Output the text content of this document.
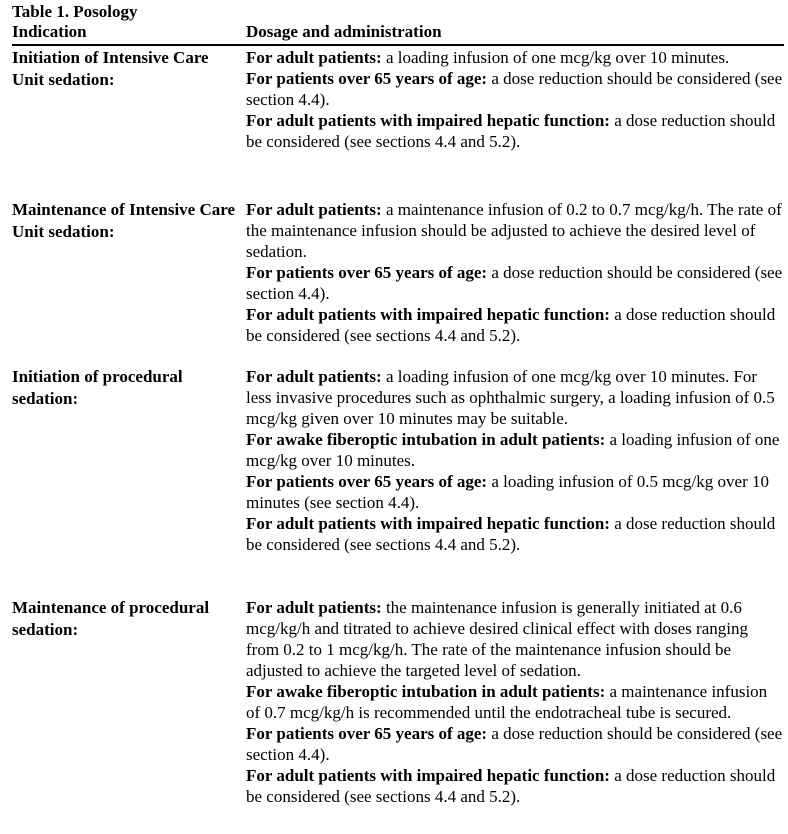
Table 1. Posology
Indication	Dosage and administration
Initiation of Intensive Care Unit sedation:

For adult patients: a loading infusion of one mcg/kg over 10 minutes.

For patients over 65 years of age: a dose reduction should be considered (see section 4.4).

For adult patients with impaired hepatic function: a dose reduction should be considered (see sections 4.4 and 5.2).

Maintenance of Intensive Care Unit sedation:

For adult patients: a maintenance infusion of 0.2 to 0.7 mcg/kg/h. The rate of the maintenance infusion should be adjusted to achieve the desired level of sedation.

For patients over 65 years of age: a dose reduction should be considered (see section 4.4).

For adult patients with impaired hepatic function: a dose reduction should be considered (see sections 4.4 and 5.2).

Initiation of procedural sedation:

For adult patients: a loading infusion of one mcg/kg over 10 minutes. For less invasive procedures such as ophthalmic surgery, a loading infusion of 0.5 mcg/kg given over 10 minutes may be suitable.

For awake fiberoptic intubation in adult patients: a loading infusion of one mcg/kg over 10 minutes.

For patients over 65 years of age: a loading infusion of 0.5 mcg/kg over 10 minutes (see section 4.4).

For adult patients with impaired hepatic function: a dose reduction should be considered (see sections 4.4 and 5.2).

Maintenance of procedural sedation:

For adult patients: the maintenance infusion is generally initiated at 0.6 mcg/kg/h and titrated to achieve desired clinical effect with doses ranging from 0.2 to 1 mcg/kg/h. The rate of the maintenance infusion should be adjusted to achieve the targeted level of sedation.

For awake fiberoptic intubation in adult patients: a maintenance infusion of 0.7 mcg/kg/h is recommended until the endotracheal tube is secured.

For patients over 65 years of age: a dose reduction should be considered (see section 4.4).

For adult patients with impaired hepatic function: a dose reduction should be considered (see sections 4.4 and 5.2).
